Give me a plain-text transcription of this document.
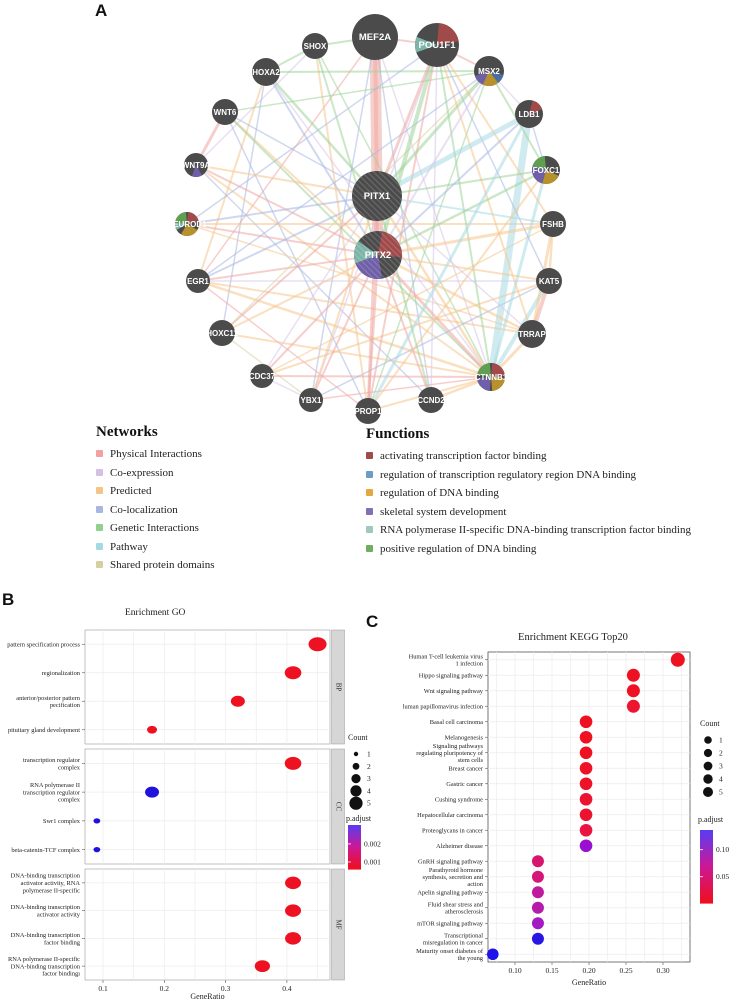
A
MEF2A
POU1F1
SHOX
HOXA2	MSX2
WNT6	LDB1
WNT9A
FOXC1
PITX1
NEUROD1	FSHB
PITX2
EGR1	KAT5
HOXC11	TRRAP
CDC37	CTNNB1
YBX1	CCND2
PROP1
Networks
Physical Interactions
Co-expression
Predicted
Co-localization
Genetic Interactions
Pathway
Shared protein domains
Functions
activating transcription factor binding
regulation of transcription regulatory region DNA binding
regulation of DNA binding
skeletal system development
RNA polymerase II-specific DNA-binding transcription factor binding
positive regulation of DNA binding
B
Enrichment GO
pattern specification process
regionalization
anterior/posterior pattern
pecification
pituitary gland development
BP
transcription regulator
complex
RNA polymerase II
transcription regulator
complex
Swr1 complex
beta-catenin-TCF complex
CC
DNA-binding transcription
activator activity, RNA
polymerase II-specific
DNA-binding transcription
activator activity
DNA-binding transcription
factor binding
RNA polymerase II-specific
DNA-binding transcription
factor bindingı
MF
0.1	0.2	0.3	0.4
GeneRatio
Count
1
2
3
4
5
p.adjust
0.002
0.001
C
Enrichment KEGG Top20
Human T-cell leukemia virus
1 infection
Hippo signaling pathway
Wnt signaling pathway
luman papillomavirus infection
Basal cell carcinoma
Melanogenesis
Signaling pathways
regulating pluripotency of
stem cells
Breast cancer
Gastric cancer
Cushing syndrome
Hepatocellular carcinoma
Proteoglycans in cancer
Alzheimer disease
GnRH signaling pathway
Parathyroid hormone
synthesis, secretion and
action
Apelin signaling pathway
Fluid shear stress and
atherosclerosis
mTOR signaling pathway
Transcriptional
misregulation in cancer
Maturity onset diabetes of
the young
0.10	0.15	0.20	0.25	0.30
GeneRatio
Count
1
2
3
4
5
p.adjust
0.10
0.05
